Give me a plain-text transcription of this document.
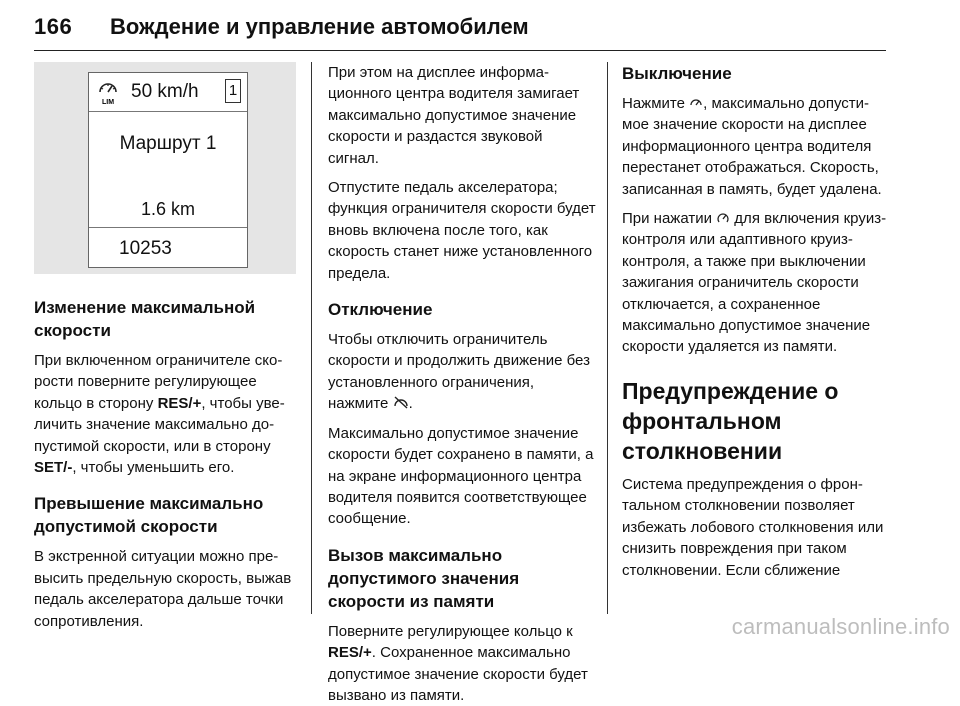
166 Вождение и управление автомобилем
LIM
50 km/h 1
Маршрут 1
1.6 km
10253
Изменение максимальной скорости

При включенном ограничителе скорости поверните регулирующее кольцо в сторону RES/+, чтобы увеличить значение максимально допустимой скорости, или в сторону SET/-, чтобы уменьшить его.

Превышение максимально допустимой скорости

В экстренной ситуации можно превысить предельную скорость, выжав педаль акселератора дальше точки сопротивления.

При этом на дисплее информационного центра водителя замигает максимально допустимое значение скорости и раздастся звуковой сигнал.

Отпустите педаль акселератора; функция ограничителя скорости будет вновь включена после того, как скорость станет ниже установленного предела.

Отключение

Чтобы отключить ограничитель скорости и продолжить движение без установленного ограничения, нажмите .

Максимально допустимое значение скорости будет сохранено в памяти, а на экране информационного центра водителя появится соответствующее сообщение.

Вызов максимально допустимого значения скорости из памяти

Поверните регулирующее кольцо к RES/+. Сохраненное максимально допустимое значение скорости будет вызвано из памяти.

Выключение

Нажмите , максимально допустимое значение скорости на дисплее информационного центра водителя перестанет отображаться. Скорость, записанная в память, будет удалена.

При нажатии  для включения круиз-контроля или адаптивного круиз-контроля, а также при выключении зажигания ограничитель скорости отключается, а сохраненное максимально допустимое значение скорости удаляется из памяти.

Предупреждение о фронтальном столкновении

Система предупреждения о фронтальном столкновении позволяет избежать лобового столкновения или снизить повреждения при таком столкновении. Если сближение

carmanualsonline.info
